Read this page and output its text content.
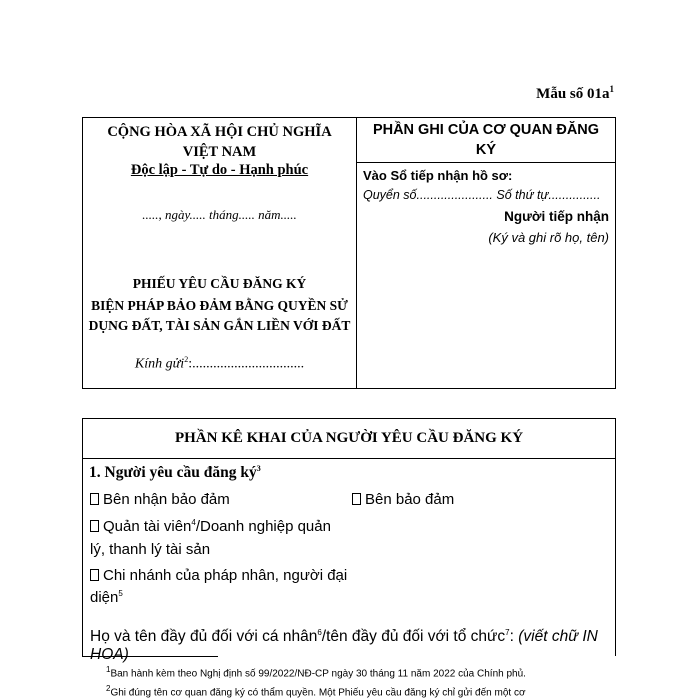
Mẫu số $01a^1$
CỘNG HÒA XÃ HỘI CHỦ NGHĨA VIỆT NAM
Độc lập - Tự do - Hạnh phúc
....., ngày..... tháng..... năm.....
PHIẾU YÊU CẦU ĐĂNG KÝ
BIỆN PHÁP BẢO ĐẢM BẰNG QUYỀN SỬ DỤNG ĐẤT, TÀI SẢN GẮN LIỀN VỚI ĐẤT
Kính gửi$^2$:................................
PHẦN GHI CỦA CƠ QUAN ĐĂNG KÝ
Vào Sổ tiếp nhận hồ sơ:
Quyển số...................... Số thứ tự...............
Người tiếp nhận
(Ký và ghi rõ họ, tên)
PHẦN KÊ KHAI CỦA NGƯỜI YÊU CẦU ĐĂNG KÝ
1. Người yêu cầu đăng $ký^3$
Bên nhận bảo đảm	Bên bảo đảm
Quản tài viên$^4$/Doanh nghiệp quản
lý, thanh lý tài sản
Chi nhánh của pháp nhân, người đại
diện$^5$
Họ và tên đầy đủ đối với cá nhân$^6$/tên đầy đủ đối với tổ chức$^7$: (viết chữ IN HOA)
$^1$Ban hành kèm theo Nghị định số 99/2022/NĐ-CP ngày 30 tháng 11 năm 2022 của Chính phủ.
$^2$Ghi đúng tên cơ quan đăng ký có thẩm quyền. Một Phiếu yêu cầu đăng ký chỉ gửi đến một cơ
